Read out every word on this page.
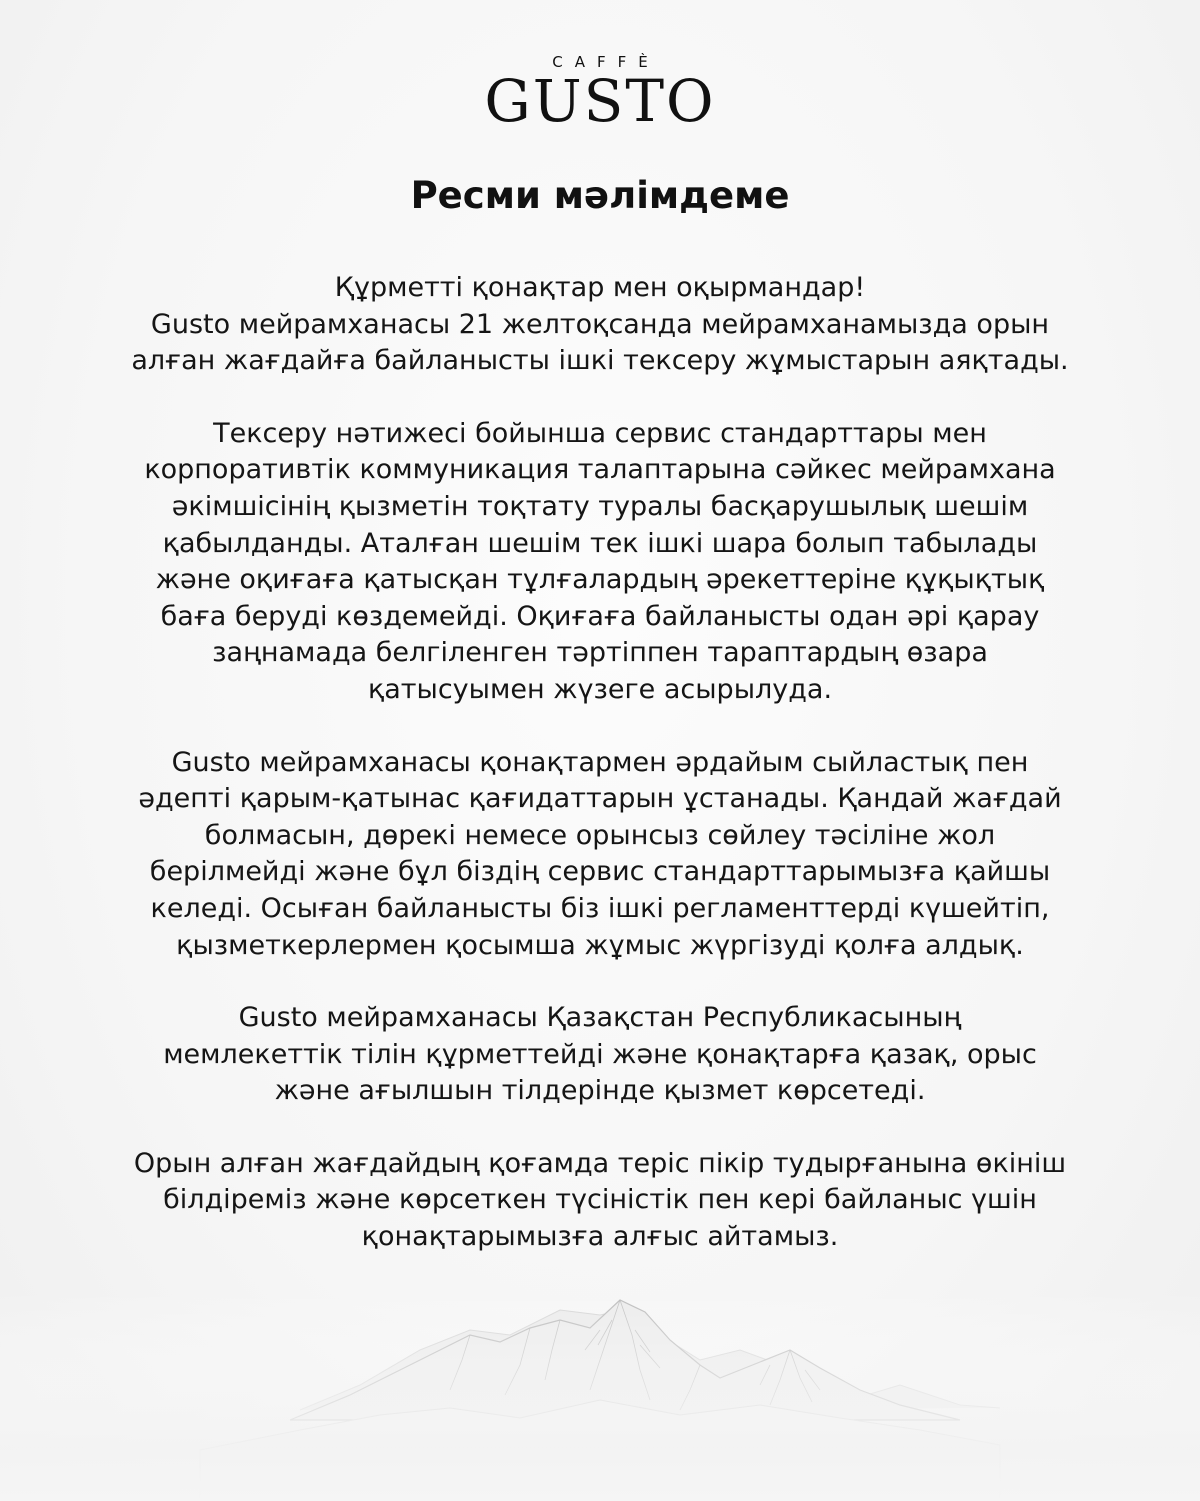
CAFFÈ
GUSTO
Ресми мәлімдеме

Құрметті қонақтар мен оқырмандар!
Gusto мейрамханасы 21 желтоқсанда мейрамханамызда орын
алған жағдайға байланысты ішкі тексеру жұмыстарын аяқтады.

Тексеру нәтижесі бойынша сервис стандарттары мен
корпоративтік коммуникация талаптарына сәйкес мейрамхана
әкімшісінің қызметін тоқтату туралы басқарушылық шешім
қабылданды. Аталған шешім тек ішкі шара болып табылады
және оқиғаға қатысқан тұлғалардың әрекеттеріне құқықтық
баға беруді көздемейді. Оқиғаға байланысты одан әрі қарау
заңнамада белгіленген тәртіппен тараптардың өзара
қатысуымен жүзеге асырылуда.

Gusto мейрамханасы қонақтармен әрдайым сыйластық пен
әдепті қарым-қатынас қағидаттарын ұстанады. Қандай жағдай
болмасын, дөрекі немесе орынсыз сөйлеу тәсіліне жол
берілмейді және бұл біздің сервис стандарттарымызға қайшы
келеді. Осыған байланысты біз ішкі регламенттерді күшейтіп,
қызметкерлермен қосымша жұмыс жүргізуді қолға алдық.

Gusto мейрамханасы Қазақстан Республикасының
мемлекеттік тілін құрметтейді және қонақтарға қазақ, орыс
және ағылшын тілдерінде қызмет көрсетеді.

Орын алған жағдайдың қоғамда теріс пікір тудырғанына өкініш
білдіреміз және көрсеткен түсіністік пен кері байланыс үшін
қонақтарымызға алғыс айтамыз.
